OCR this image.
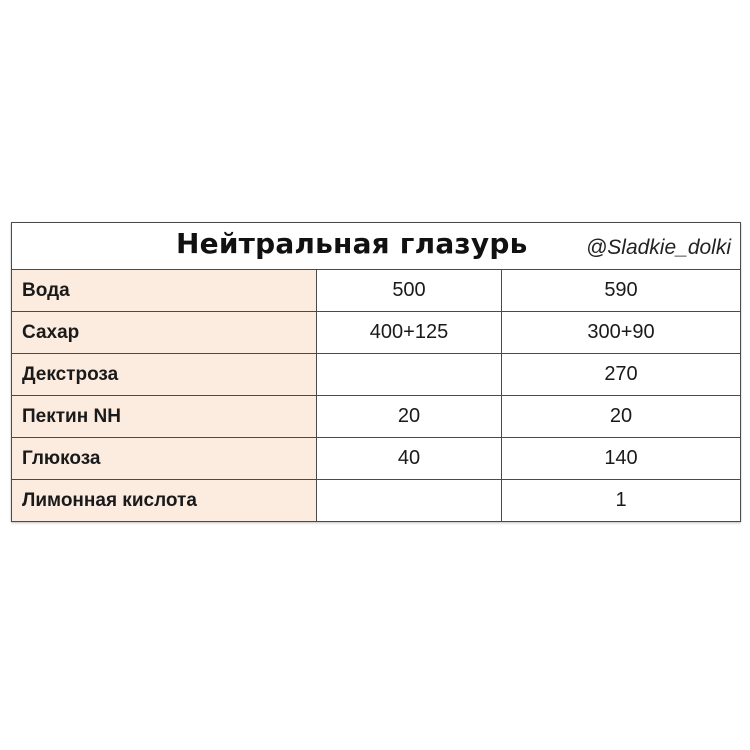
Нейтральная глазурь @Sladkie_dolki		

Вода	500	590
Сахар	400+125	300+90
Декстроза		270
Пектин NH	20	20
Глюкоза	40	140
Лимонная кислота		1
